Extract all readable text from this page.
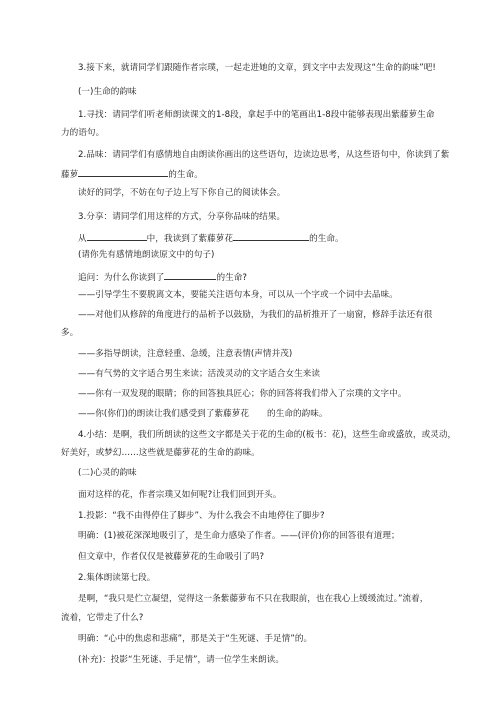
3.接下来，就请同学们跟随作者宗璞，一起走进她的文章，到文字中去发现这“生命的韵味”吧!
(一)生命的韵味
1.寻找：请同学们听老师朗读课文的1-8段，拿起手中的笔画出1-8段中能够表现出紫藤萝生命
力的语句。
2.品味：请同学们有感情地自由朗读你画出的这些语句，边读边思考，从这些语句中，你读到了紫
藤萝	的生命。
读好的同学，不妨在句子边上写下你自己的阅读体会。
3.分享：请同学们用这样的方式，分享你品味的结果。
从	中，我读到了紫藤萝花	的生命。
(请你先有感情地朗读原文中的句子)
追问：为什么你读到了	的生命?
——引导学生不要脱离文本，要能关注语句本身，可以从一个字或一个词中去品味。
——对他们从修辞的角度进行的品析予以鼓励，为我们的品析推开了一扇窗，修辞手法还有很
多。
——多指导朗读，注意轻重、急缓，注意表情(声情并茂)
——有气势的文字适合男生来读；活泼灵动的文字适合女生来读
——你有一双发现的眼睛；你的回答独具匠心；你的回答将我们带入了宗璞的文字中。
——你(你们)的朗读让我们感受到了紫藤萝花 的生命的韵味。
4.小结：是啊，我们所朗读的这些文字都是关于花的生命的(板书：花)，这些生命或盛放，或灵动，
好美好，或梦幻……这些就是藤萝花的生命的韵味。
(二)心灵的韵味
面对这样的花，作者宗璞又如何呢?让我们回到开头。
1.投影：“我不由得停住了脚步”、为什么我会不由地停住了脚步?
明确：(1)被花深深地吸引了，是生命力感染了作者。——(评价)你的回答很有道理；
但文章中，作者仅仅是被藤萝花的生命吸引了吗?
2.集体朗读第七段。
是啊，“我只是伫立凝望，觉得这一条紫藤萝布不只在我眼前，也在我心上缓缓流过。”流着，
流着，它带走了什么?
明确：“心中的焦虑和悲痛”，那是关于“生死谜、手足情”的。
(补充)：投影“生死谜、手足情”，请一位学生来朗读。
